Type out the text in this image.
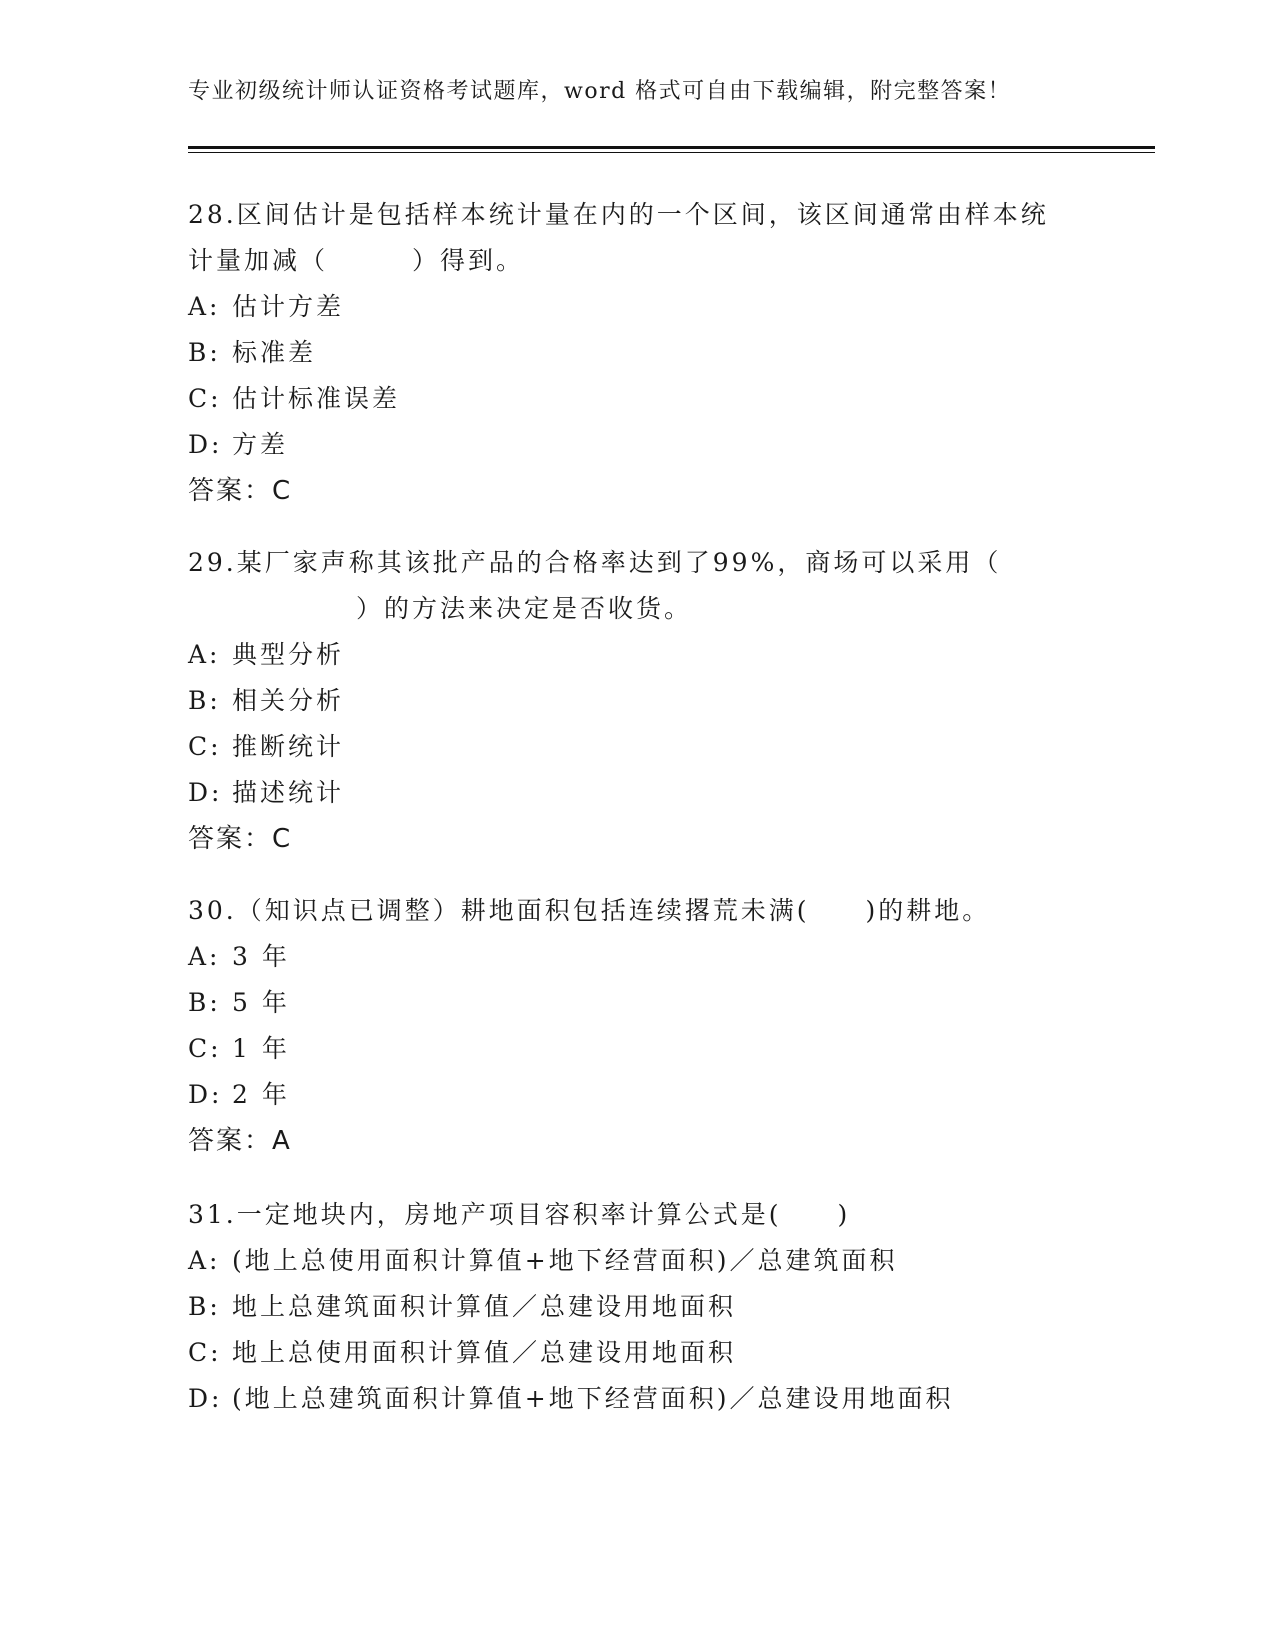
专业初级统计师认证资格考试题库，word 格式可自由下载编辑，附完整答案！
28.区间估计是包括样本统计量在内的一个区间，该区间通常由样本统
计量加减（　　　）得到。
A: 估计方差
B: 标准差
C: 估计标准误差
D: 方差
答案：C
29.某厂家声称其该批产品的合格率达到了99%，商场可以采用（
　　　　　　）的方法来决定是否收货。
A: 典型分析
B: 相关分析
C: 推断统计
D: 描述统计
答案：C
30.（知识点已调整）耕地面积包括连续撂荒未满(　　)的耕地。
A: 3 年
B: 5 年
C: 1 年
D: 2 年
答案：A
31.一定地块内，房地产项目容积率计算公式是(　　)
A: (地上总使用面积计算值+地下经营面积)／总建筑面积
B: 地上总建筑面积计算值／总建设用地面积
C: 地上总使用面积计算值／总建设用地面积
D: (地上总建筑面积计算值+地下经营面积)／总建设用地面积
